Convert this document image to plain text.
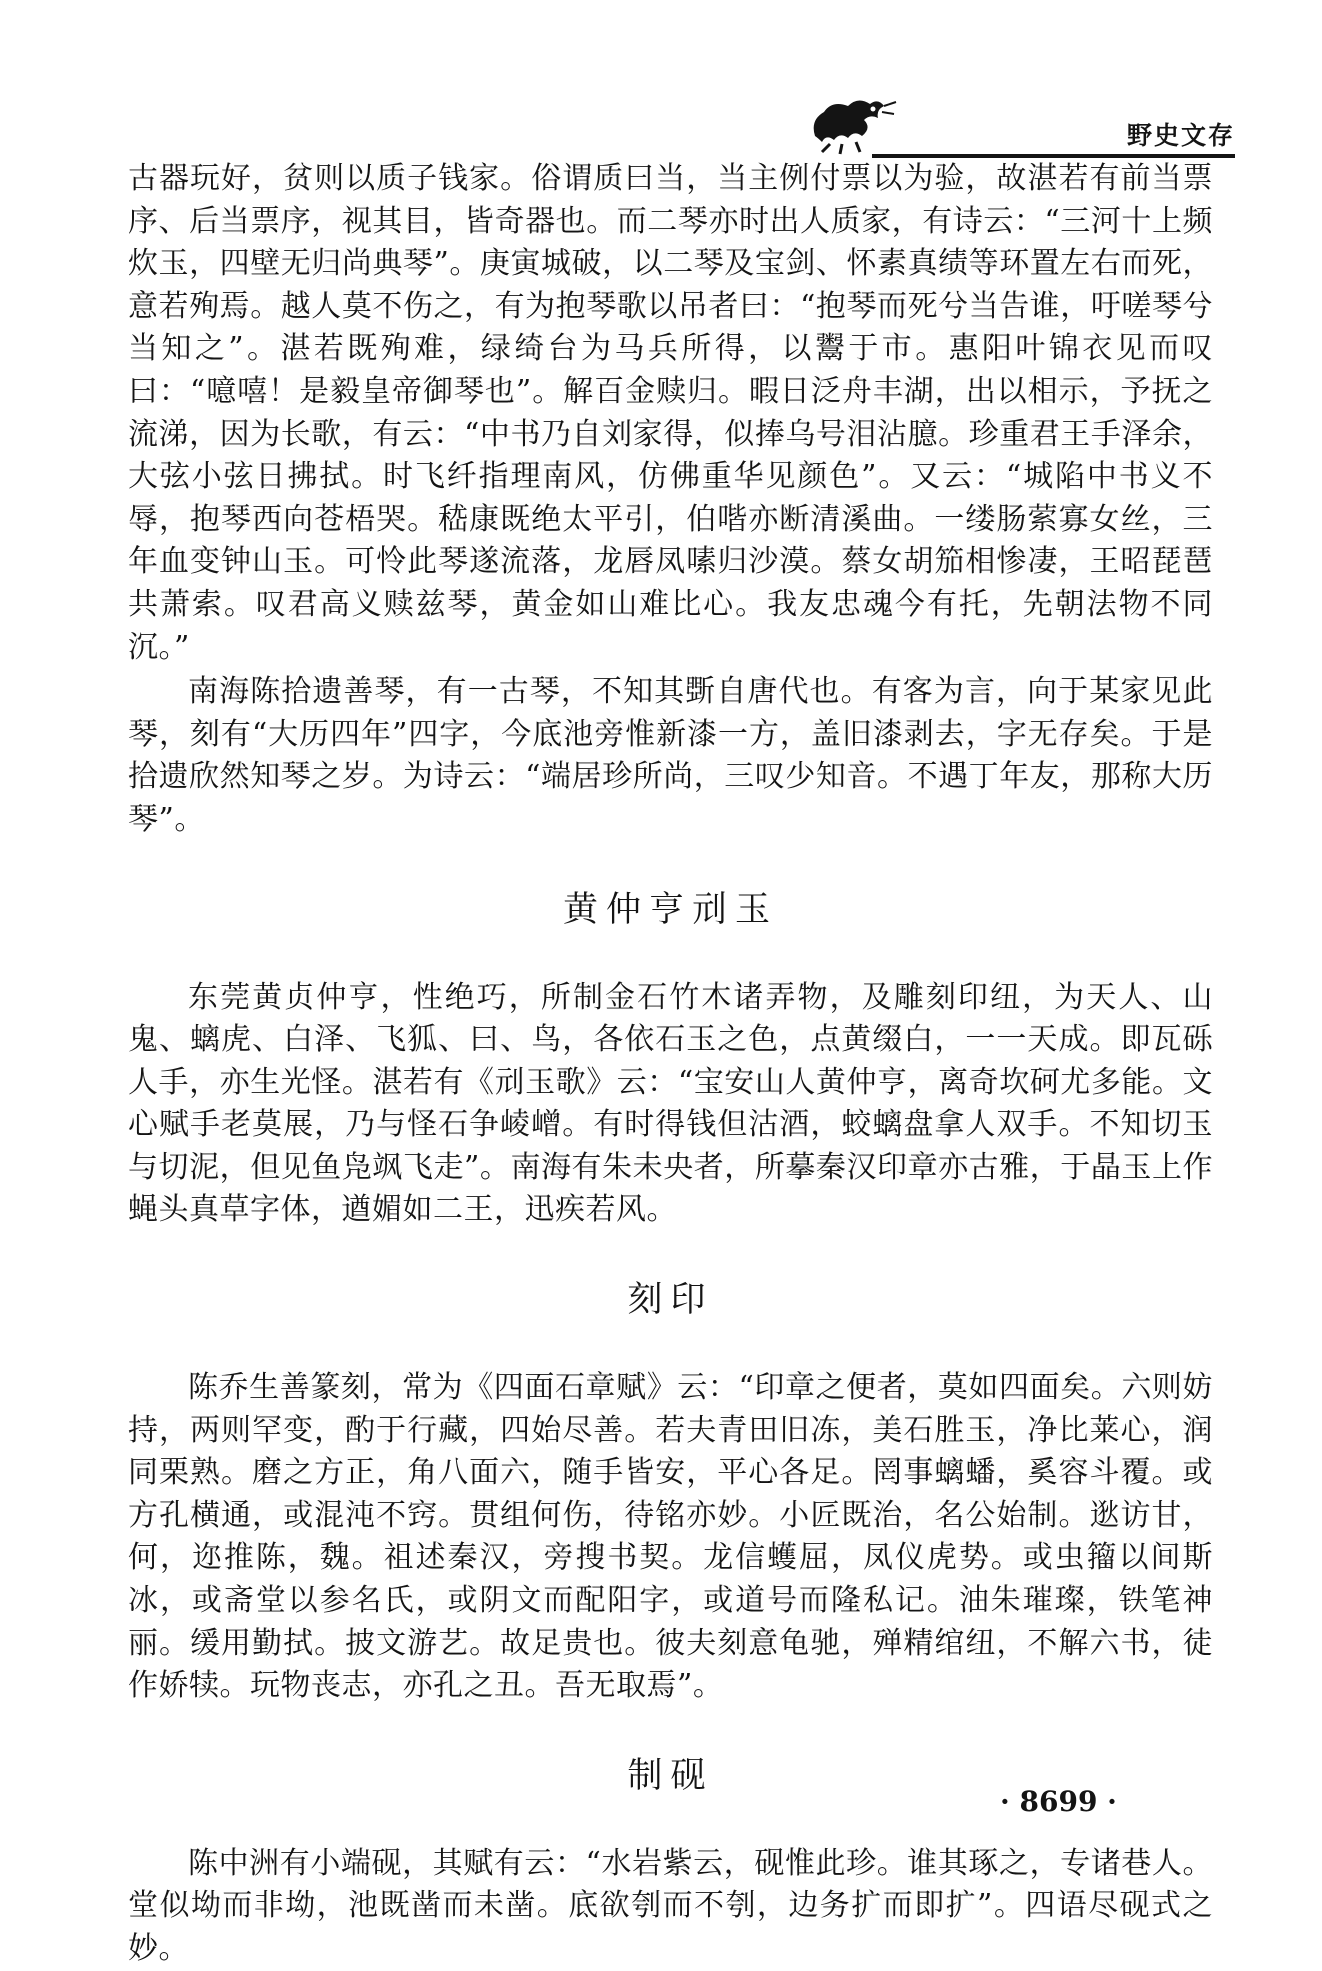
野史文存

古器玩好，贫则以质子钱家。俗谓质曰当，当主例付票以为验，故湛若有前当票序、后当票序，视其目，皆奇器也。而二琴亦时出人质家，有诗云：“三河十上频炊玉，四壁无归尚典琴”。庚寅城破，以二琴及宝剑、怀素真绩等环置左右而死，意若殉焉。越人莫不伤之，有为抱琴歌以吊者曰：“抱琴而死兮当告谁，吁嗟琴兮当知之”。湛若既殉难，绿绮台为马兵所得，以鬻于市。惠阳叶锦衣见而叹曰：“噫嘻！是毅皇帝御琴也”。解百金赎归。暇日泛舟丰湖，出以相示，予抚之流涕，因为长歌，有云：“中书乃自刘家得，似捧乌号泪沾臆。珍重君王手泽余，大弦小弦日拂拭。时飞纤指理南风，仿佛重华见颜色”。又云：“城陷中书义不辱，抱琴西向苍梧哭。嵇康既绝太平引，伯喈亦断清溪曲。一缕肠萦寡女丝，三年血变钟山玉。可怜此琴遂流落，龙唇凤嗉归沙漠。蔡女胡笳相惨凄，王昭琵琶共萧索。叹君高义赎兹琴，黄金如山难比心。我友忠魂今有托，先朝法物不同沉。”

南海陈拾遗善琴，有一古琴，不知其斲自唐代也。有客为言，向于某家见此琴，刻有“大历四年”四字，今底池旁惟新漆一方，盖旧漆剥去，字无存矣。于是拾遗欣然知琴之岁。为诗云：“端居珍所尚，三叹少知音。不遇丁年友，那称大历琴”。

黄仲亨刓玉

东莞黄贞仲亨，性绝巧，所制金石竹木诸弄物，及雕刻印纽，为天人、山鬼、螭虎、白泽、飞狐、曰、鸟，各依石玉之色，点黄缀白，一一天成。即瓦砾人手，亦生光怪。湛若有《刓玉歌》云：“宝安山人黄仲亨，离奇坎砢尤多能。文心赋手老莫展，乃与怪石争崚嶒。有时得钱但沽酒，蛟螭盘拿人双手。不知切玉与切泥，但见鱼凫飒飞走”。南海有朱未央者，所摹秦汉印章亦古雅，于晶玉上作蝇头真草字体，遒媚如二王，迅疾若风。

刻印

陈乔生善篆刻，常为《四面石章赋》云：“印章之便者，莫如四面矣。六则妨持，两则罕变，酌于行藏，四始尽善。若夫青田旧冻，美石胜玉，净比莱心，润同栗熟。磨之方正，角八面六，随手皆安，平心各足。罔事螭蟠，奚容斗覆。或方孔横通，或混沌不窍。贯组何伤，待铭亦妙。小匠既治，名公始制。逖访甘，何，迩推陈，魏。祖述秦汉，旁搜书契。龙信蠖屈，凤仪虎势。或虫籀以间斯冰，或斋堂以参名氏，或阴文而配阳字，或道号而隆私记。油朱璀璨，铁笔神丽。缓用勤拭。披文游艺。故足贵也。彼夫刻意龟驰，殚精绾纽，不解六书，徒作娇犊。玩物丧志，亦孔之丑。吾无取焉”。

制砚

陈中洲有小端砚，其赋有云：“水岩紫云，砚惟此珍。谁其琢之，专诸巷人。堂似坳而非坳，池既凿而未凿。底欲刳而不刳，边务扩而即扩”。四语尽砚式之妙。

· 8699 ·
